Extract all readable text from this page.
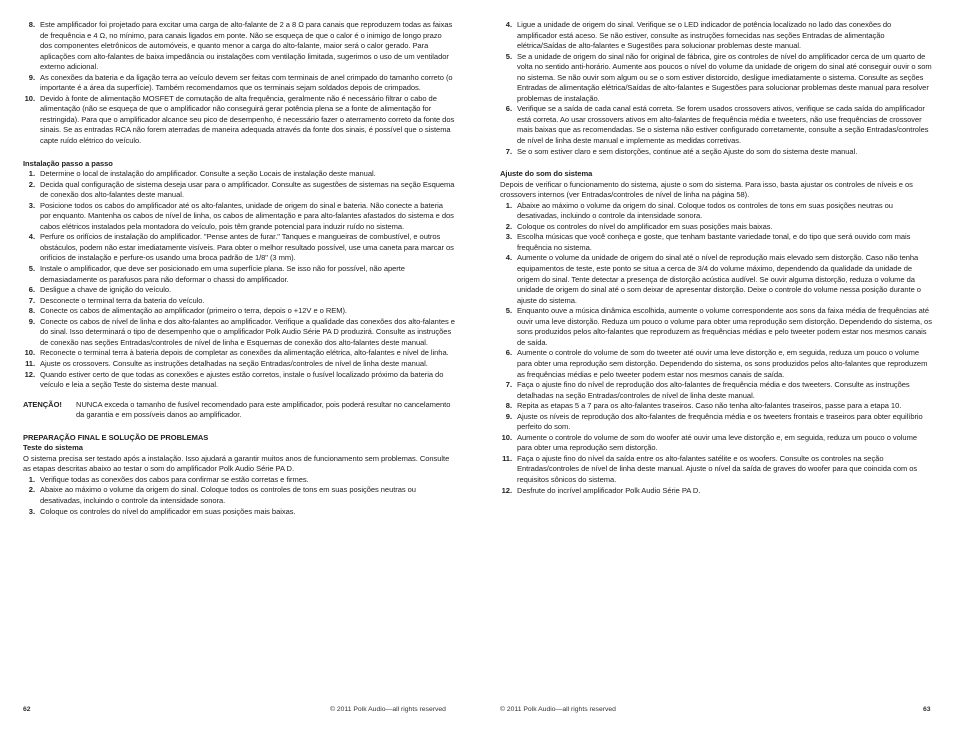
8. Este amplificador foi projetado para excitar uma carga de alto-falante de 2 a 8 Ω para canais que reproduzem todas as faixas de frequência e 4 Ω, no mínimo, para canais ligados em ponte. Não se esqueça de que o calor é o inimigo de longo prazo dos componentes eletrônicos de automóveis, e quanto menor a carga do alto-falante, maior será o calor gerado. Para aplicações com alto-falantes de baixa impedância ou instalações com ventilação limitada, sugerimos o uso de um ventilador externo adicional.
9. As conexões da bateria e da ligação terra ao veículo devem ser feitas com terminais de anel crimpado do tamanho correto (o importante é a área da superfície). Também recomendamos que os terminais sejam soldados depois de crimpados.
10. Devido à fonte de alimentação MOSFET de comutação de alta frequência, geralmente não é necessário filtrar o cabo de alimentação (não se esqueça de que o amplificador não conseguirá gerar potência plena se a fonte de alimentação for restringida). Para que o amplificador alcance seu pico de desempenho, é necessário fazer o aterramento correto da fonte dos sinais. Se as entradas RCA não forem aterradas de maneira adequada através da fonte dos sinais, é possível que o sistema capte ruído elétrico do veículo.

Instalação passo a passo

1. Determine o local de instalação do amplificador. Consulte a seção Locais de instalação deste manual.
2. Decida qual configuração de sistema deseja usar para o amplificador. Consulte as sugestões de sistemas na seção Esquema de conexão dos alto-falantes deste manual.
3. Posicione todos os cabos do amplificador até os alto-falantes, unidade de origem do sinal e bateria. Não conecte a bateria por enquanto. Mantenha os cabos de nível de linha, os cabos de alimentação e para alto-falantes afastados do sistema e dos cabos elétricos instalados pela montadora do veículo, pois têm grande potencial para induzir ruído no sistema.
4. Perfure os orifícios de instalação do amplificador. "Pense antes de furar." Tanques e mangueiras de combustível, e outros obstáculos, podem não estar imediatamente visíveis. Para obter o melhor resultado possível, use uma caneta para marcar os orifícios de instalação e perfure-os usando uma broca padrão de 1/8" (3 mm).
5. Instale o amplificador, que deve ser posicionado em uma superfície plana. Se isso não for possível, não aperte demasiadamente os parafusos para não deformar o chassi do amplificador.
6. Desligue a chave de ignição do veículo.
7. Desconecte o terminal terra da bateria do veículo.
8. Conecte os cabos de alimentação ao amplificador (primeiro o terra, depois o +12V e o REM).
9. Conecte os cabos de nível de linha e dos alto-falantes ao amplificador. Verifique a qualidade das conexões dos alto-falantes e do sinal. Isso determinará o tipo de desempenho que o amplificador Polk Audio Série PA D produzirá. Consulte as instruções de conexão nas seções Entradas/controles de nível de linha e Esquemas de conexão dos alto-falantes deste manual.
10. Reconecte o terminal terra à bateria depois de completar as conexões da alimentação elétrica, alto-falantes e nível de linha.
11. Ajuste os crossovers. Consulte as instruções detalhadas na seção Entradas/controles de nível de linha deste manual.
12. Quando estiver certo de que todas as conexões e ajustes estão corretos, instale o fusível localizado próximo da bateria do veículo e leia a seção Teste do sistema deste manual.
ATENÇÃO!	NUNCA exceda o tamanho de fusível recomendado para este amplificador, pois poderá resultar no cancelamento da garantia e em possíveis danos ao amplificador.

PREPARAÇÃO FINAL E SOLUÇÃO DE PROBLEMAS

Teste do sistema

O sistema precisa ser testado após a instalação. Isso ajudará a garantir muitos anos de funcionamento sem problemas. Consulte as etapas descritas abaixo ao testar o som do amplificador Polk Audio Série PA D.

1. Verifique todas as conexões dos cabos para confirmar se estão corretas e firmes.
2. Abaixe ao máximo o volume da origem do sinal. Coloque todos os controles de tons em suas posições neutras ou desativadas, incluindo o controle da intensidade sonora.
3. Coloque os controles do nível do amplificador em suas posições mais baixas.
62	© 2011 Polk Audio—all rights reserved
4. Ligue a unidade de origem do sinal. Verifique se o LED indicador de potência localizado no lado das conexões do amplificador está aceso. Se não estiver, consulte as instruções fornecidas nas seções Entradas de alimentação elétrica/Saídas de alto-falantes e Sugestões para solucionar problemas deste manual.
5. Se a unidade de origem do sinal não for original de fábrica, gire os controles de nível do amplificador cerca de um quarto de volta no sentido anti-horário. Aumente aos poucos o nível do volume da unidade de origem do sinal até conseguir ouvir o som no sistema. Se não ouvir som algum ou se o som estiver distorcido, desligue imediatamente o sistema. Consulte as seções Entradas de alimentação elétrica/Saídas de alto-falantes e Sugestões para solucionar problemas deste manual para resolver problemas de instalação.
6. Verifique se a saída de cada canal está correta. Se forem usados crossovers ativos, verifique se cada saída do amplificador está correta. Ao usar crossovers ativos em alto-falantes de frequência média e tweeters, não use frequências de crossover mais baixas que as recomendadas. Se o sistema não estiver configurado corretamente, consulte a seção Entradas/controles de nível de linha deste manual e implemente as medidas corretivas.
7. Se o som estiver claro e sem distorções, continue até a seção Ajuste do som do sistema deste manual.

Ajuste do som do sistema

Depois de verificar o funcionamento do sistema, ajuste o som do sistema. Para isso, basta ajustar os controles de níveis e os crossovers internos (ver Entradas/controles de nível de linha na página 58).

1. Abaixe ao máximo o volume da origem do sinal. Coloque todos os controles de tons em suas posições neutras ou desativadas, incluindo o controle da intensidade sonora.
2. Coloque os controles do nível do amplificador em suas posições mais baixas.
3. Escolha músicas que você conheça e goste, que tenham bastante variedade tonal, e do tipo que será ouvido com mais frequência no sistema.
4. Aumente o volume da unidade de origem do sinal até o nível de reprodução mais elevado sem distorção. Caso não tenha equipamentos de teste, este ponto se situa a cerca de 3/4 do volume máximo, dependendo da qualidade da unidade de origem do sinal. Tente detectar a presença de distorção acústica audível. Se ouvir alguma distorção, reduza o volume da unidade de origem do sinal até o som deixar de apresentar distorção. Deixe o controle do volume nessa posição durante o ajuste do sistema.
5. Enquanto ouve a música dinâmica escolhida, aumente o volume correspondente aos sons da faixa média de frequências até ouvir uma leve distorção. Reduza um pouco o volume para obter uma reprodução sem distorção. Dependendo do sistema, os sons produzidos pelos alto-falantes que reproduzem as frequências médias e pelo tweeter podem estar nos mesmos canais de saída.
6. Aumente o controle do volume de som do tweeter até ouvir uma leve distorção e, em seguida, reduza um pouco o volume para obter uma reprodução sem distorção. Dependendo do sistema, os sons produzidos pelos alto-falantes que reproduzem as frequências médias e pelo tweeter podem estar nos mesmos canais de saída.
7. Faça o ajuste fino do nível de reprodução dos alto-falantes de frequência média e dos tweeters. Consulte as instruções detalhadas na seção Entradas/controles de nível de linha deste manual.
8. Repita as etapas 5 a 7 para os alto-falantes traseiros. Caso não tenha alto-falantes traseiros, passe para a etapa 10.
9. Ajuste os níveis de reprodução dos alto-falantes de frequência média e os tweeters frontais e traseiros para obter equilíbrio perfeito do som.
10. Aumente o controle do volume de som do woofer até ouvir uma leve distorção e, em seguida, reduza um pouco o volume para obter uma reprodução sem distorção.
11. Faça o ajuste fino do nível da saída entre os alto-falantes satélite e os woofers. Consulte os controles na seção Entradas/controles de nível de linha deste manual. Ajuste o nível da saída de graves do woofer para que coincida com os requisitos sônicos do sistema.
12. Desfrute do incrível amplificador Polk Audio Série PA D.
© 2011 Polk Audio—all rights reserved	63
